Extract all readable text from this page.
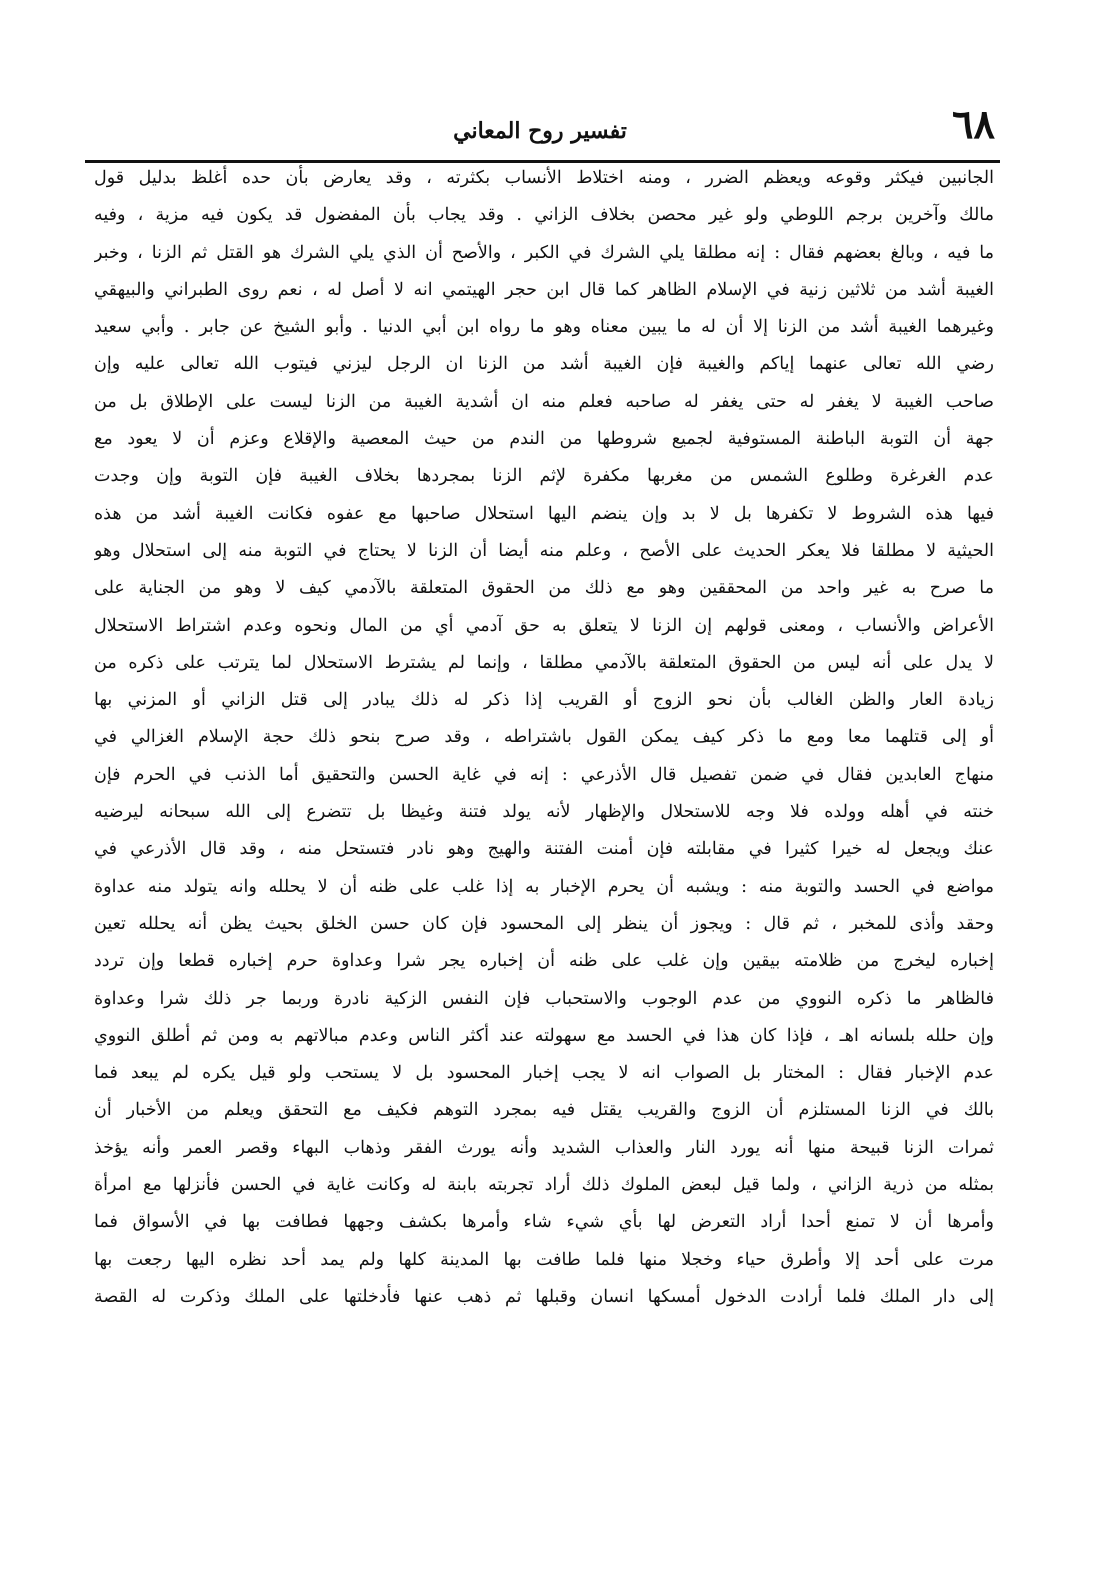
٦٨
تفسير روح المعاني
الجانبين فيكثر وقوعه ويعظم الضرر ، ومنه اختلاط الأنساب بكثرته ، وقد يعارض بأن حده أغلظ بدليل قول
مالك وآخرين برجم اللوطي ولو غير محصن بخلاف الزاني . وقد يجاب بأن المفضول قد يكون فيه مزية ، وفيه
ما فيه ، وبالغ بعضهم فقال : إنه مطلقا يلي الشرك في الكبر ، والأصح أن الذي يلي الشرك هو القتل ثم الزنا ، وخبر
الغيبة أشد من ثلاثين زنية في الإسلام الظاهر كما قال ابن حجر الهيتمي انه لا أصل له ، نعم روى الطبراني والبيهقي
وغيرهما الغيبة أشد من الزنا إلا أن له ما يبين معناه وهو ما رواه ابن أبي الدنيا . وأبو الشيخ عن جابر . وأبي سعيد
رضي الله تعالى عنهما إياكم والغيبة فإن الغيبة أشد من الزنا ان الرجل ليزني فيتوب الله تعالى عليه وإن
صاحب الغيبة لا يغفر له حتى يغفر له صاحبه فعلم منه ان أشدية الغيبة من الزنا ليست على الإطلاق بل من
جهة أن التوبة الباطنة المستوفية لجميع شروطها من الندم من حيث المعصية والإقلاع وعزم أن لا يعود مع
عدم الغرغرة وطلوع الشمس من مغربها مكفرة لإثم الزنا بمجردها بخلاف الغيبة فإن التوبة وإن وجدت
فيها هذه الشروط لا تكفرها بل لا بد وإن ينضم اليها استحلال صاحبها مع عفوه فكانت الغيبة أشد من هذه
الحيثية لا مطلقا فلا يعكر الحديث على الأصح ، وعلم منه أيضا أن الزنا لا يحتاج في التوبة منه إلى استحلال وهو
ما صرح به غير واحد من المحققين وهو مع ذلك من الحقوق المتعلقة بالآدمي كيف لا وهو من الجناية على
الأعراض والأنساب ، ومعنى قولهم إن الزنا لا يتعلق به حق آدمي أي من المال ونحوه وعدم اشتراط الاستحلال
لا يدل على أنه ليس من الحقوق المتعلقة بالآدمي مطلقا ، وإنما لم يشترط الاستحلال لما يترتب على ذكره من
زيادة العار والظن الغالب بأن نحو الزوج أو القريب إذا ذكر له ذلك يبادر إلى قتل الزاني أو المزني بها
أو إلى قتلهما معا ومع ما ذكر كيف يمكن القول باشتراطه ، وقد صرح بنحو ذلك حجة الإسلام الغزالي في
منهاج العابدين فقال في ضمن تفصيل قال الأذرعي : إنه في غاية الحسن والتحقيق أما الذنب في الحرم فإن
خنته في أهله وولده فلا وجه للاستحلال والإظهار لأنه يولد فتنة وغيظا بل تتضرع إلى الله سبحانه ليرضيه
عنك ويجعل له خيرا كثيرا في مقابلته فإن أمنت الفتنة والهيج وهو نادر فتستحل منه ، وقد قال الأذرعي في
مواضع في الحسد والتوبة منه : ويشبه أن يحرم الإخبار به إذا غلب على ظنه أن لا يحلله وانه يتولد منه عداوة
وحقد وأذى للمخبر ، ثم قال : ويجوز أن ينظر إلى المحسود فإن كان حسن الخلق بحيث يظن أنه يحلله تعين
إخباره ليخرج من ظلامته بيقين وإن غلب على ظنه أن إخباره يجر شرا وعداوة حرم إخباره قطعا وإن تردد
فالظاهر ما ذكره النووي من عدم الوجوب والاستحباب فإن النفس الزكية نادرة وربما جر ذلك شرا وعداوة
وإن حلله بلسانه اهـ ، فإذا كان هذا في الحسد مع سهولته عند أكثر الناس وعدم مبالاتهم به ومن ثم أطلق النووي
عدم الإخبار فقال : المختار بل الصواب انه لا يجب إخبار المحسود بل لا يستحب ولو قيل يكره لم يبعد فما
بالك في الزنا المستلزم أن الزوج والقريب يقتل فيه بمجرد التوهم فكيف مع التحقق ويعلم من الأخبار أن
ثمرات الزنا قبيحة منها أنه يورد النار والعذاب الشديد وأنه يورث الفقر وذهاب البهاء وقصر العمر وأنه يؤخذ
بمثله من ذرية الزاني ، ولما قيل لبعض الملوك ذلك أراد تجربته بابنة له وكانت غاية في الحسن فأنزلها مع امرأة
وأمرها أن لا تمنع أحدا أراد التعرض لها بأي شيء شاء وأمرها بكشف وجهها فطافت بها في الأسواق فما
مرت على أحد إلا وأطرق حياء وخجلا منها فلما طافت بها المدينة كلها ولم يمد أحد نظره اليها رجعت بها
إلى دار الملك فلما أرادت الدخول أمسكها انسان وقبلها ثم ذهب عنها فأدخلتها على الملك وذكرت له القصة
